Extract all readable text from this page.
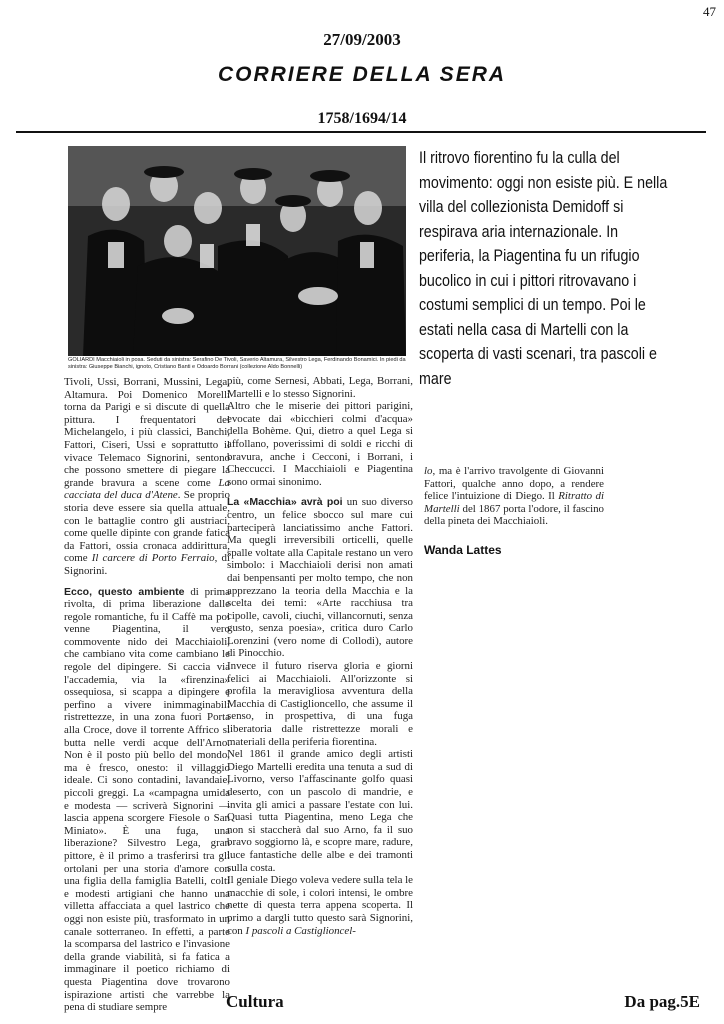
47
27/09/2003
CORRIERE DELLA SERA
1758/1694/14
GOLIARDI Macchiaioli in posa. Seduti da sinistra: Serafino De Tivoli, Saverio Altamura, Silvestro Lega, Ferdinando Bonamici. In piedi da sinistra: Giuseppe Bianchi, ignoto, Cristiano Banti e Odoardo Borrani (collezione Aldo Bonnelli)
Il ritrovo fiorentino fu la culla del movimento: oggi non esiste più. E nella villa del collezionista Demidoff si respirava aria internazionale. In periferia, la Piagentina fu un rifugio bucolico in cui i pittori ritrovavano i costumi semplici di un tempo. Poi le estati nella casa di Martelli con la scoperta di vasti scenari, tra pascoli e mare

Tivoli, Ussi, Borrani, Mussini, Lega, Altamura. Poi Domenico Morelli torna da Parigi e si discute di quella pittura. I frequentatori del Michelangelo, i più classici, Banchi, Fattori, Ciseri, Ussi e soprattutto il vivace Telemaco Signorini, sentono che possono smettere di piegare la grande bravura a scene come La cacciata del duca d'Atene. Se proprio storia deve essere sia quella attuale, con le battaglie contro gli austriaci, come quelle dipinte con grande fatica da Fattori, ossia cronaca addirittura, come Il carcere di Porto Ferraio, di Signorini.

Ecco, questo ambiente di prima rivolta, di prima liberazione dalle regole romantiche, fu il Caffè ma poi venne Piagentina, il vero commovente nido dei Macchiaioli, che cambiano vita come cambiano le regole del dipingere. Si caccia via l'accademia, via la «firenzina» ossequiosa, si scappa a dipingere e perfino a vivere inimmaginabili ristrettezze, in una zona fuori Porta alla Croce, dove il torrente Affrico si butta nelle verdi acque dell'Arno. Non è il posto più bello del mondo, ma è fresco, onesto: il villaggio ideale. Ci sono contadini, lavandaie, piccoli greggi. La «campagna umida e modesta — scriverà Signorini — lascia appena scorgere Fiesole o San Miniato». È una fuga, una liberazione? Silvestro Lega, gran pittore, è il primo a trasferirsi tra gli ortolani per una storia d'amore con una figlia della famiglia Batelli, colti e modesti artigiani che hanno una villetta affacciata a quel lastrico che oggi non esiste più, trasformato in un canale sotterraneo. In effetti, a parte la scomparsa del lastrico e l'invasione della grande viabilità, si fa fatica a immaginare il poetico richiamo di questa Piagentina dove trovarono ispirazione artisti che varrebbe la pena di studiare sempre

più, come Sernesi, Abbati, Lega, Borrani, Martelli e lo stesso Signorini.

Altro che le miserie dei pittori parigini, evocate dai «bicchieri colmi d'acqua» della Bohème. Qui, dietro a quel Lega si affollano, poverissimi di soldi e ricchi di bravura, anche i Cecconi, i Borrani, i Checcucci. I Macchiaioli e Piagentina sono ormai sinonimo.

La «Macchia» avrà poi un suo diverso centro, un felice sbocco sul mare cui parteciperà lanciatissimo anche Fattori. Ma quegli irreversibili orticelli, quelle spalle voltate alla Capitale restano un vero simbolo: i Macchiaioli derisi non amati dai benpensanti per molto tempo, che non apprezzano la teoria della Macchia e la scelta dei temi: «Arte racchiusa tra cipolle, cavoli, ciuchi, villancornuti, senza gusto, senza poesia», critica duro Carlo Lorenzini (vero nome di Collodi), autore di Pinocchio.

Invece il futuro riserva gloria e giorni felici ai Macchiaioli. All'orizzonte si profila la meravigliosa avventura della Macchia di Castiglioncello, che assume il senso, in prospettiva, di una fuga liberatoria dalle ristrettezze morali e materiali della periferia fiorentina.

Nel 1861 il grande amico degli artisti Diego Martelli eredita una tenuta a sud di Livorno, verso l'affascinante golfo quasi deserto, con un pascolo di mandrie, e invita gli amici a passare l'estate con lui. Quasi tutta Piagentina, meno Lega che non si staccherà dal suo Arno, fa il suo bravo soggiorno là, e scopre mare, radure, luce fantastiche delle albe e dei tramonti sulla costa.

Il geniale Diego voleva vedere sulla tela le macchie di sole, i colori intensi, le ombre nette di questa terra appena scoperta. Il primo a dargli tutto questo sarà Signorini, con I pascoli a Castiglioncel-

lo, ma è l'arrivo travolgente di Giovanni Fattori, qualche anno dopo, a rendere felice l'intuizione di Diego. Il Ritratto di Martelli del 1867 porta l'odore, il fascino della pineta dei Macchiaioli.

Wanda Lattes
Cultura	Da pag.5E
